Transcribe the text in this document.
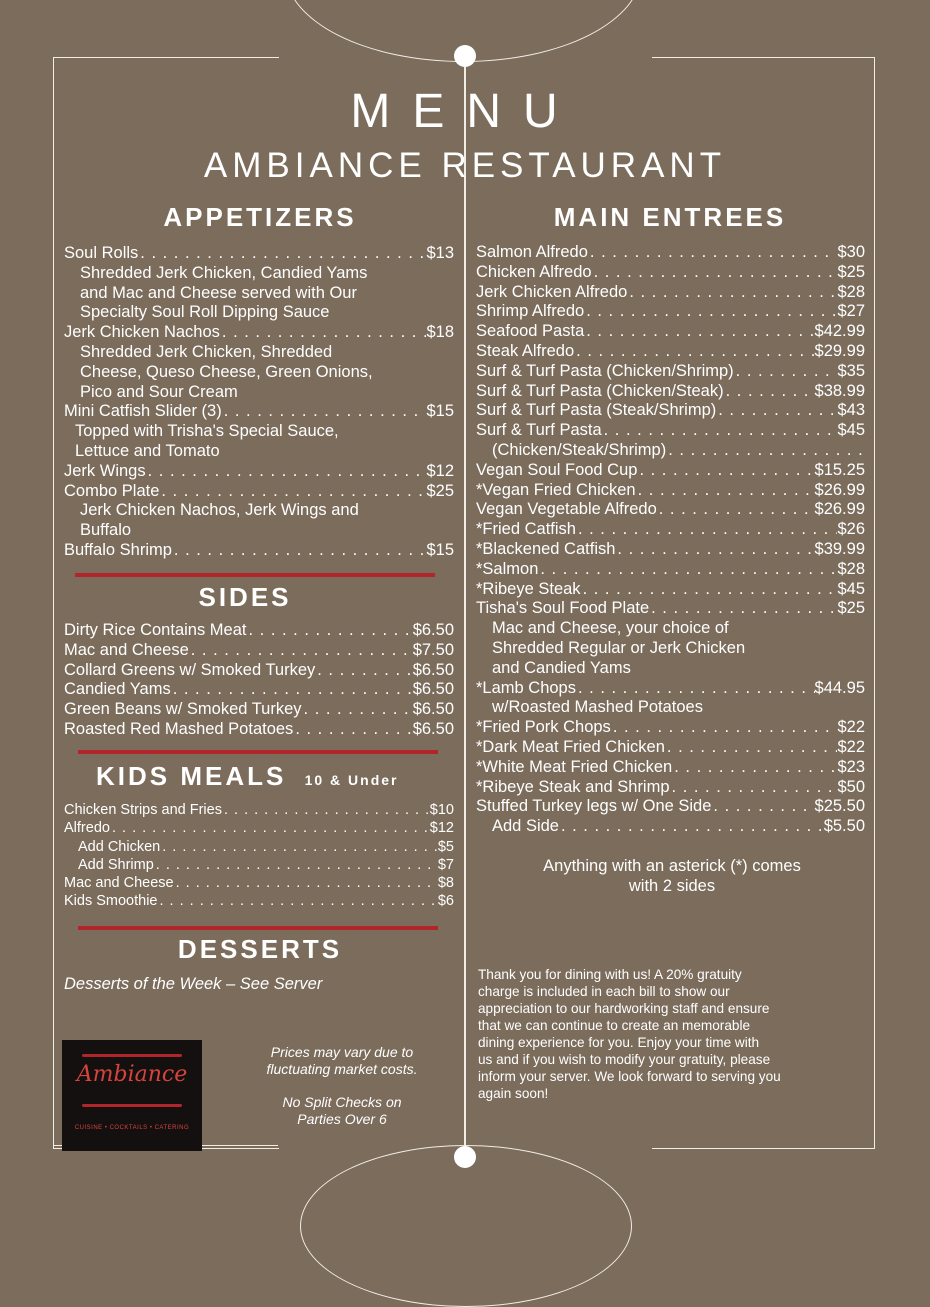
MENU
AMBIANCE RESTAURANT
APPETIZERS
Soul Rolls . . .	$13
Shredded Jerk Chicken, Candied Yams
and Mac and Cheese served with Our
Specialty Soul Roll Dipping Sauce
Jerk Chicken Nachos . . .	$18
Shredded Jerk Chicken, Shredded
Cheese, Queso Cheese, Green Onions,
Pico and Sour Cream
Mini Catfish Slider (3) . . .	$15
Topped with Trisha's Special Sauce,
Lettuce and Tomato
Jerk Wings . . .	$12
Combo Plate . . .	$25
Jerk Chicken Nachos, Jerk Wings and
Buffalo
Buffalo Shrimp . . .	$15
SIDES
Dirty Rice Contains Meat . . .	$6.50
Mac and Cheese . . .	$7.50
Collard Greens w/ Smoked Turkey . . .	$6.50
Candied Yams . . .	$6.50
Green Beans w/ Smoked Turkey . . .	$6.50
Roasted Red Mashed Potatoes . . .	$6.50
KIDS MEALS 10 & Under
Chicken Strips and Fries . . .	$10
Alfredo . . .	$12
Add Chicken . . .	$5
Add Shrimp . . .	$7
Mac and Cheese . . .	$8
Kids Smoothie . . .	$6
DESSERTS
Desserts of the Week – See Server
Ambiance
CUISINE • COCKTAILS • CATERING
Prices may vary due to
fluctuating market costs.
No Split Checks on
Parties Over 6
MAIN ENTREES
Salmon Alfredo . . .	$30
Chicken Alfredo . . .	$25
Jerk Chicken Alfredo . . .	$28
Shrimp Alfredo . . .	$27
Seafood Pasta . . .	$42.99
Steak Alfredo . . .	$29.99
Surf & Turf Pasta (Chicken/Shrimp) . . .	$35
Surf & Turf Pasta (Chicken/Steak) . . .	$38.99
Surf & Turf Pasta (Steak/Shrimp) . . .	$43
Surf & Turf Pasta . . .	$45
(Chicken/Steak/Shrimp)
. . .
Vegan Soul Food Cup . . .	$15.25
*Vegan Fried Chicken . . .	$26.99
Vegan Vegetable Alfredo . . .	$26.99
*Fried Catfish . . .	$26
*Blackened Catfish . . .	$39.99
*Salmon . . .	$28
*Ribeye Steak . . .	$45
Tisha's Soul Food Plate . . .	$25
Mac and Cheese, your choice of
Shredded Regular or Jerk Chicken
and Candied Yams
*Lamb Chops . . .	$44.95
w/Roasted Mashed Potatoes
*Fried Pork Chops . . .	$22
*Dark Meat Fried Chicken . . .	$22
*White Meat Fried Chicken . . .	$23
*Ribeye Steak and Shrimp . . .	$50
Stuffed Turkey legs w/ One Side . . .	$25.50
Add Side . . .	$5.50
Anything with an asterick (*) comes
with 2 sides
Thank you for dining with us! A 20% gratuity
charge is included in each bill to show our
appreciation to our hardworking staff and ensure
that we can continue to create an memorable
dining experience for you. Enjoy your time with
us and if you wish to modify your gratuity, please
inform your server. We look forward to serving you
again soon!
